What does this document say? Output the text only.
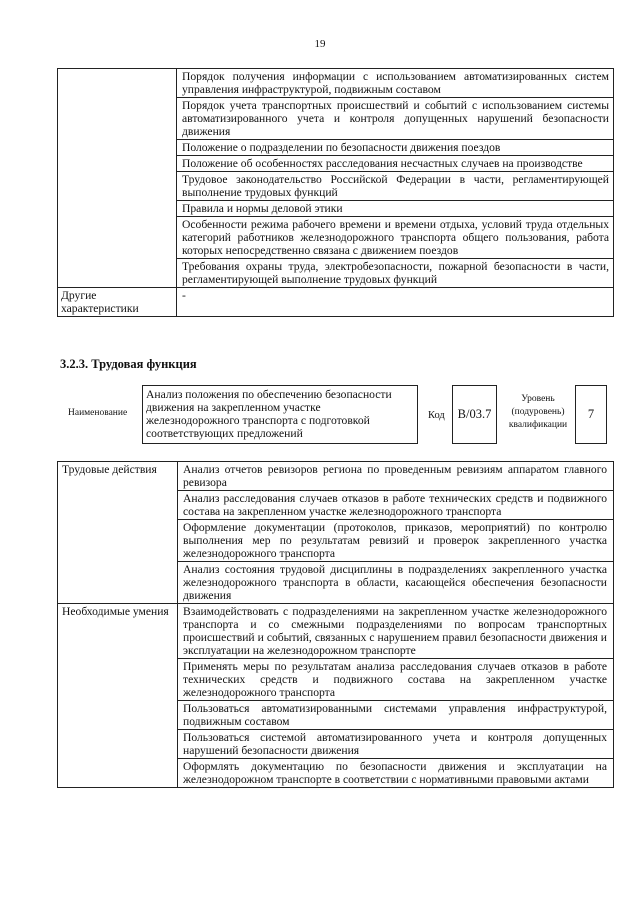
19
	Порядок получения информации с использованием автоматизированных систем управления инфраструктурой, подвижным составом
	Порядок учета транспортных происшествий и событий с использованием системы автоматизированного учета и контроля допущенных нарушений безопасности движения
	Положение о подразделении по безопасности движения поездов
	Положение об особенностях расследования несчастных случаев на производстве
	Трудовое законодательство Российской Федерации в части, регламентирующей выполнение трудовых функций
	Правила и нормы деловой этики
	Особенности режима рабочего времени и времени отдыха, условий труда отдельных категорий работников железнодорожного транспорта общего пользования, работа которых непосредственно связана с движением поездов
	Требования охраны труда, электробезопасности, пожарной безопасности в части, регламентирующей выполнение трудовых функций
Другие характеристики	-
3.2.3. Трудовая функция
Наименование
Анализ положения по обеспечению безопасности движения на закрепленном участке железнодорожного транспорта с подготовкой соответствующих предложений
Код	B/03.7
Уровень (подуровень) квалификации
7
Трудовые действия	Анализ отчетов ревизоров региона по проведенным ревизиям аппаратом главного ревизора
	Анализ расследования случаев отказов в работе технических средств и подвижного состава на закрепленном участке железнодорожного транспорта
	Оформление документации (протоколов, приказов, мероприятий) по контролю выполнения мер по результатам ревизий и проверок закрепленного участка железнодорожного транспорта
	Анализ состояния трудовой дисциплины в подразделениях закрепленного участка железнодорожного транспорта в области, касающейся обеспечения безопасности движения
Необходимые умения	Взаимодействовать с подразделениями на закрепленном участке железнодорожного транспорта и со смежными подразделениями по вопросам транспортных происшествий и событий, связанных с нарушением правил безопасности движения и эксплуатации на железнодорожном транспорте
	Применять меры по результатам анализа расследования случаев отказов в работе технических средств и подвижного состава на закрепленном участке железнодорожного транспорта
	Пользоваться автоматизированными системами управления инфраструктурой, подвижным составом
	Пользоваться системой автоматизированного учета и контроля допущенных нарушений безопасности движения
	Оформлять документацию по безопасности движения и эксплуатации на железнодорожном транспорте в соответствии с нормативными правовыми актами
